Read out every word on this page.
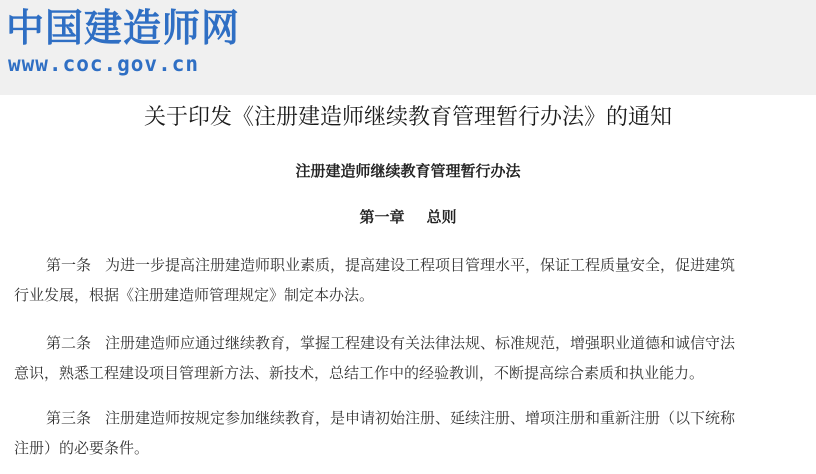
中国建造师网
www.coc.gov.cn
关于印发《注册建造师继续教育管理暂行办法》的通知
注册建造师继续教育管理暂行办法
第一章 总则
第一条 为进一步提高注册建造师职业素质，提高建设工程项目管理水平，保证工程质量安全，促进建筑
行业发展，根据《注册建造师管理规定》制定本办法。
第二条 注册建造师应通过继续教育，掌握工程建设有关法律法规、标准规范，增强职业道德和诚信守法
意识，熟悉工程建设项目管理新方法、新技术，总结工作中的经验教训，不断提高综合素质和执业能力。
第三条 注册建造师按规定参加继续教育，是申请初始注册、延续注册、增项注册和重新注册（以下统称
注册）的必要条件。
